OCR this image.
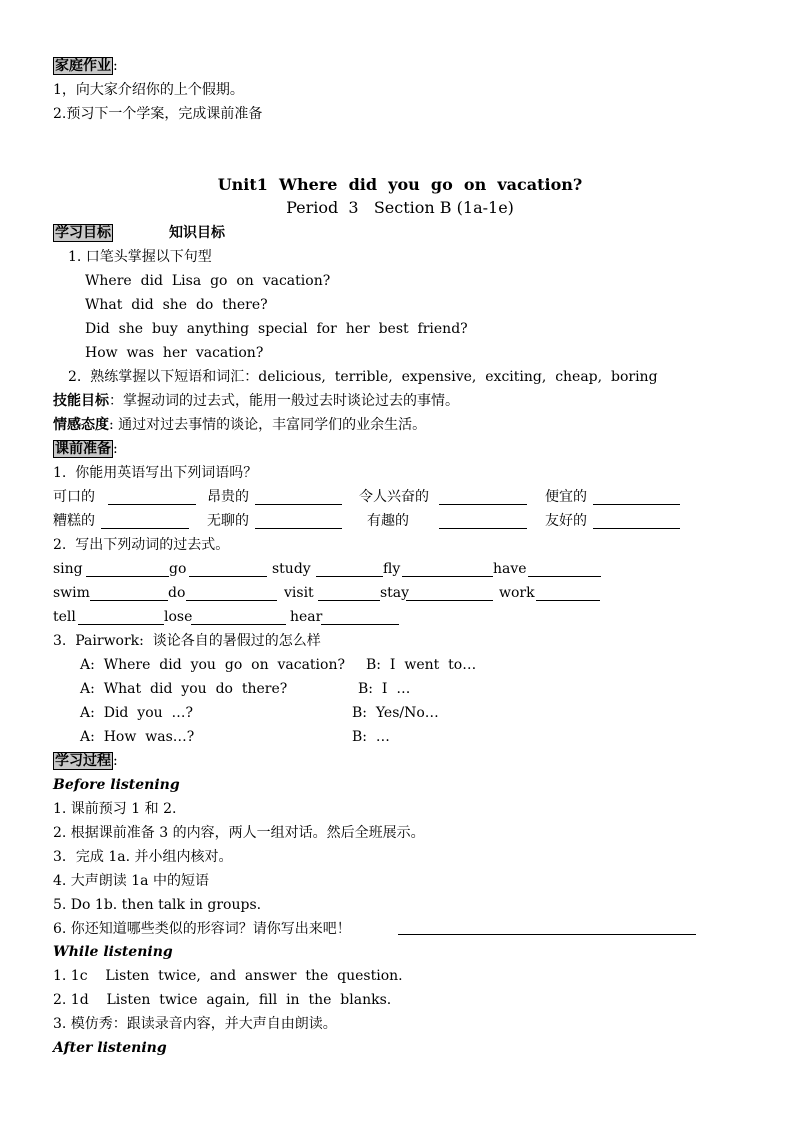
家庭作业 :
1，向大家介绍你的上个假期。
2.预习下一个学案，完成课前准备
Unit1  Where  did  you  go  on  vacation?
Period  3   Section B (1a-1e)
学习目标	知识目标
1. 口笔头掌握以下句型
Where  did  Lisa  go  on  vacation?
What  did  she  do  there?
Did  she  buy  anything  special  for  her  best  friend?
How  was  her  vacation?
2.  熟练掌握以下短语和词汇：delicious,  terrible,  expensive,  exciting,  cheap,  boring
技能目标：掌握动词的过去式，能用一般过去时谈论过去的事情。
情感态度: 通过对过去事情的谈论，丰富同学们的业余生活。
课前准备 :
1.  你能用英语写出下列词语吗？
可口的	昂贵的	令人兴奋的	便宜的
糟糕的	无聊的	有趣的	友好的
2.  写出下列动词的过去式。
sing	go	study	fly	have
swim	do	visit	stay	work
tell	lose	hear
3.  Pairwork:  谈论各自的暑假过的怎么样
A:  Where  did  you  go  on  vacation? B:  I  went  to…
A:  What  did  you  do  there?	B:  I  …
A:  Did  you  …?	B:  Yes/No…
A:  How  was…?	B:  …
学习过程 :
Before listening
1. 课前预习 1 和 2.
2. 根据课前准备 3 的内容，两人一组对话。然后全班展示。
3．完成 1a. 并小组内核对。
4. 大声朗读 1a 中的短语
5. Do 1b. then talk in groups.
6. 你还知道哪些类似的形容词？请你写出来吧！
While listening
1. 1c    Listen  twice,  and  answer  the  question.
2. 1d    Listen  twice  again,  fill  in  the  blanks.
3. 模仿秀：跟读录音内容，并大声自由朗读。
After listening
